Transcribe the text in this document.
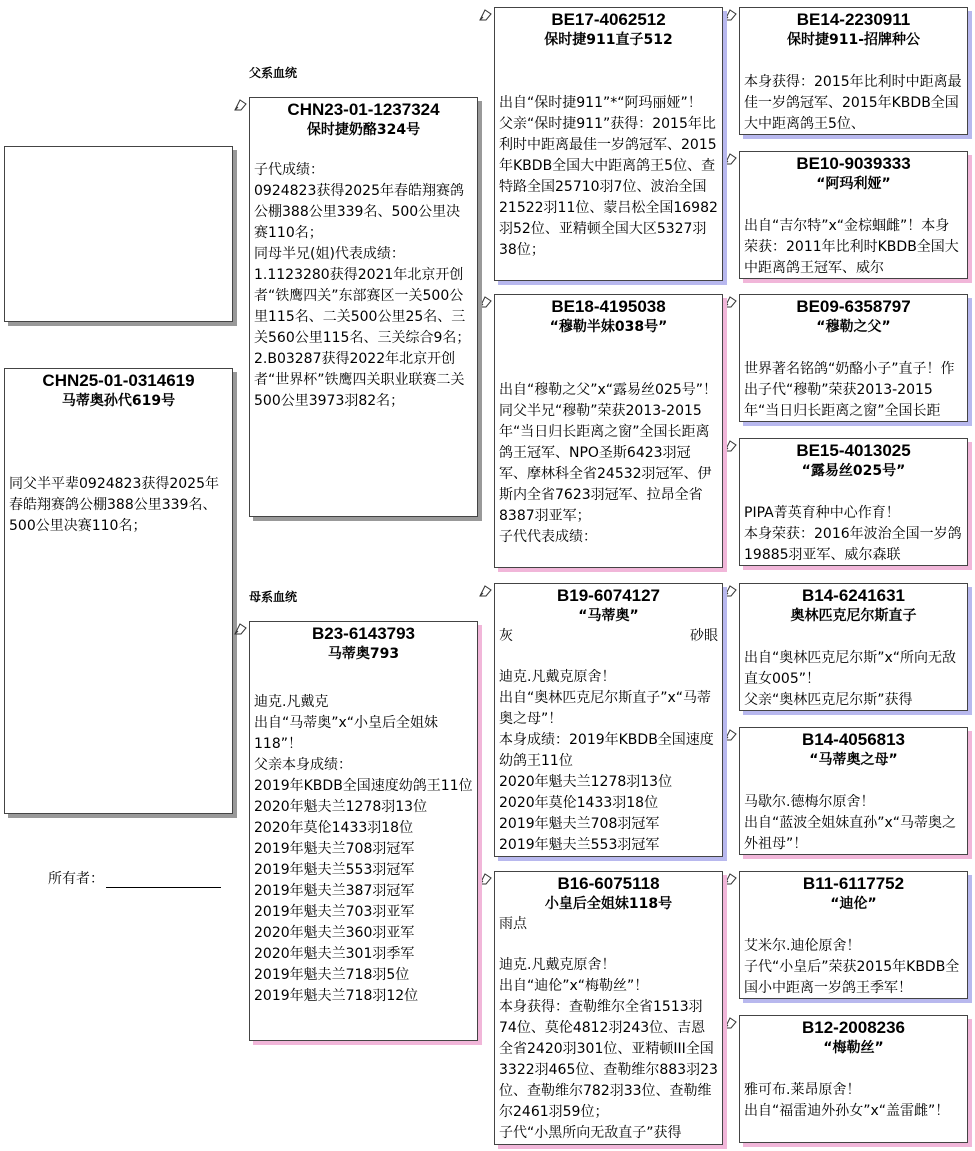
CHN25-01-0314619
马蒂奥孙代619号
同父半平辈0924823获得2025年春皓翔赛鸽公棚388公里339名、500公里决赛110名；
所有者：
父系血统
母系血统
CHN23-01-1237324
保时捷奶酪324号
子代成绩：
0924823获得2025年春皓翔赛鸽公棚388公里339名、500公里决赛110名；
同母半兄(姐)代表成绩：
1.1123280获得2021年北京开创者“铁鹰四关”东部赛区一关500公里115名、二关500公里25名、三关560公里115名、三关综合9名； 2.B03287获得2022年北京开创者“世界杯”铁鹰四关职业联赛二关500公里3973羽82名；
B23-6143793
马蒂奥793

迪克.凡戴克
出自“马蒂奥”x“小皇后全姐妹118”！
父亲本身成绩：
2019年KBDB全国速度幼鸽王11位
2020年魁夫兰1278羽13位
2020年莫伦1433羽18位
2019年魁夫兰708羽冠军
2019年魁夫兰553羽冠军
2019年魁夫兰387羽冠军
2019年魁夫兰703羽亚军
2020年魁夫兰360羽亚军
2020年魁夫兰301羽季军
2019年魁夫兰718羽5位
2019年魁夫兰718羽12位
BE17-4062512
保时捷911直子512
出自“保时捷911”*“阿玛丽娅”！
父亲“保时捷911”获得：2015年比利时中距离最佳一岁鸽冠军、2015年KBDB全国大中距离鸽王5位、查特路全国25710羽7位、波治全国21522羽11位、蒙吕松全国16982羽52位、亚精顿全国大区5327羽38位；
BE18-4195038
“穆勒半妹038号”
出自“穆勒之父”x“露易丝025号”！
同父半兄“穆勒”荣获2013-2015年“当日归长距离之窗”全国长距离鸽王冠军、NPO圣斯6423羽冠军、摩林科全省24532羽冠军、伊斯内全省7623羽冠军、拉昂全省8387羽亚军；
子代代表成绩：
B19-6074127
“马蒂奥”
灰	砂眼
迪克.凡戴克原舍！
出自“奥林匹克尼尔斯直子”x“马蒂奥之母”！
本身成绩：2019年KBDB全国速度幼鸽王11位
2020年魁夫兰1278羽13位
2020年莫伦1433羽18位
2019年魁夫兰708羽冠军
2019年魁夫兰553羽冠军
B16-6075118
小皇后全姐妹118号
雨点
迪克.凡戴克原舍！
出自“迪伦”x“梅勒丝”！
本身获得：查勒维尔全省1513羽74位、莫伦4812羽243位、吉恩全省2420羽301位、亚精顿III全国3322羽465位、查勒维尔883羽23位、查勒维尔782羽33位、查勒维尔2461羽59位；
子代“小黑所向无敌直子”获得
BE14-2230911
保时捷911-招牌种公
本身获得：2015年比利时中距离最佳一岁鸽冠军、2015年KBDB全国大中距离鸽王5位、
BE10-9039333
“阿玛利娅”
出自“吉尔特”x“金棕蝈雌”！本身荣获：2011年比利时KBDB全国大中距离鸽王冠军、威尔
BE09-6358797
“穆勒之父”
世界著名铭鸽“奶酪小子”直子！作出子代“穆勒”荣获2013-2015年“当日归长距离之窗”全国长距
BE15-4013025
“露易丝025号”
PIPA菁英育种中心作育！
本身荣获：2016年波治全国一岁鸽19885羽亚军、威尔森联
B14-6241631
奥林匹克尼尔斯直子
出自“奥林匹克尼尔斯”x“所向无敌直女005”！
父亲“奥林匹克尼尔斯”获得
B14-4056813
“马蒂奥之母”
马歇尔.德梅尔原舍！
出自“蓝波全姐妹直孙”x“马蒂奥之外祖母”！
B11-6117752
“迪伦”
艾米尔.迪伦原舍！
子代“小皇后”荣获2015年KBDB全国小中距离一岁鸽王季军！
B12-2008236
“梅勒丝”
雅可布.莱昂原舍！
出自“福雷迪外孙女”x“盖雷雌”！
